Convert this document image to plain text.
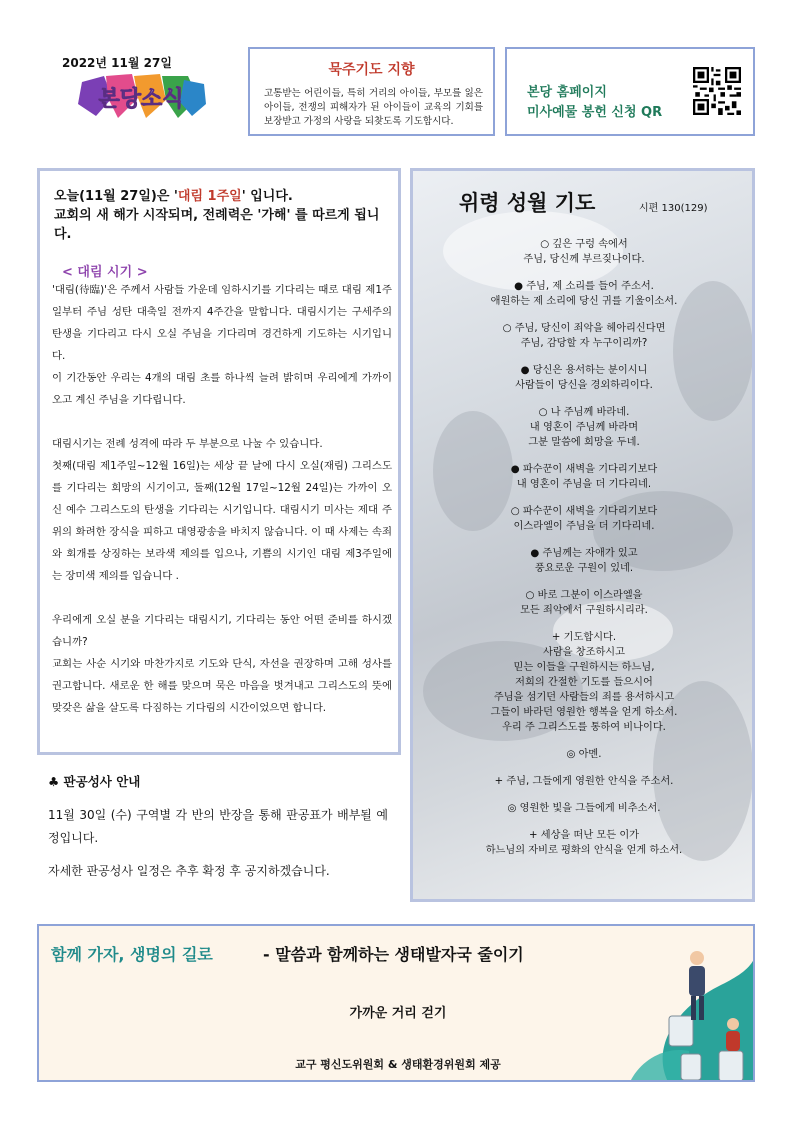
2022년 11월 27일
본당소식
묵주기도 지향
고통받는 어린이들, 특히 거리의 아이들, 부모를 잃은 아이들, 전쟁의 피해자가 된 아이들이 교육의 기회를 보장받고 가정의 사랑을 되찾도록 기도합시다.
본당 홈페이지
미사예물 봉헌 신청 QR
오늘(11월 27일)은 '대림 1주일' 입니다.
교회의 새 해가 시작되며, 전례력은 '가해' 를 따르게 됩니다.
< 대림 시기 >

'대림(待臨)'은 주께서 사람들 가운데 임하시기를 기다리는 때로 대림 제1주일부터 주님 성탄 대축일 전까지 4주간을 말합니다. 대림시기는 구세주의 탄생을 기다리고 다시 오실 주님을 기다리며 경건하게 기도하는 시기입니다.

이 기간동안 우리는 4개의 대림 초를 하나씩 늘려 밝히며 우리에게 가까이 오고 계신 주님을 기다립니다.

대림시기는 전례 성격에 따라 두 부분으로 나눌 수 있습니다.

첫째(대림 제1주일~12월 16일)는 세상 끝 날에 다시 오실(재림) 그리스도를 기다리는 희망의 시기이고, 둘째(12월 17일~12월 24일)는 가까이 오신 예수 그리스도의 탄생을 기다리는 시기입니다. 대림시기 미사는 제대 주위의 화려한 장식을 피하고 대영광송을 바치지 않습니다. 이 때 사제는 속죄와 회개를 상징하는 보라색 제의를 입으나, 기쁨의 시기인 대림 제3주일에는 장미색 제의를 입습니다 .

우리에게 오실 분을 기다리는 대림시기, 기다리는 동안 어떤 준비를 하시겠습니까?

교회는 사순 시기와 마찬가지로 기도와 단식, 자선을 권장하며 고해 성사를 권고합니다. 새로운 한 해를 맞으며 묵은 마음을 벗겨내고 그리스도의 뜻에 맞갖은 삶을 살도록 다짐하는 기다림의 시간이었으면 합니다.

위령 성월 기도	시편 130(129)
○ 깊은 구렁 속에서
주님, 당신께 부르짖나이다.
● 주님, 제 소리를 들어 주소서.
애원하는 제 소리에 당신 귀를 기울이소서.
○ 주님, 당신이 죄악을 헤아리신다면
주님, 감당할 자 누구이리까?
● 당신은 용서하는 분이시니
사람들이 당신을 경외하리이다.
○ 나 주님께 바라네.
내 영혼이 주님께 바라며
그분 말씀에 희망을 두네.
● 파수꾼이 새벽을 기다리기보다
내 영혼이 주님을 더 기다리네.
○ 파수꾼이 새벽을 기다리기보다
이스라엘이 주님을 더 기다리네.
● 주님께는 자애가 있고
풍요로운 구원이 있네.
○ 바로 그분이 이스라엘을
모든 죄악에서 구원하시리라.
+ 기도합시다.
사람을 창조하시고
믿는 이들을 구원하시는 하느님,
저희의 간절한 기도를 들으시어
주님을 섬기던 사람들의 죄를 용서하시고
그들이 바라던 영원한 행복을 얻게 하소서.
우리 주 그리스도를 통하여 비나이다.
◎ 아멘.
+ 주님, 그들에게 영원한 안식을 주소서.
◎ 영원한 빛을 그들에게 비추소서.
+ 세상을 떠난 모든 이가
하느님의 자비로 평화의 안식을 얻게 하소서.
♣ 판공성사 안내

11월 30일 (수) 구역별 각 반의 반장을 통해 판공표가 배부될 예정입니다.

자세한 판공성사 일정은 추후 확정 후 공지하겠습니다.

함께 가자, 생명의 길로	- 말씀과 함께하는 생태발자국 줄이기
가까운 거리 걷기
교구 평신도위원회 & 생태환경위원회 제공
